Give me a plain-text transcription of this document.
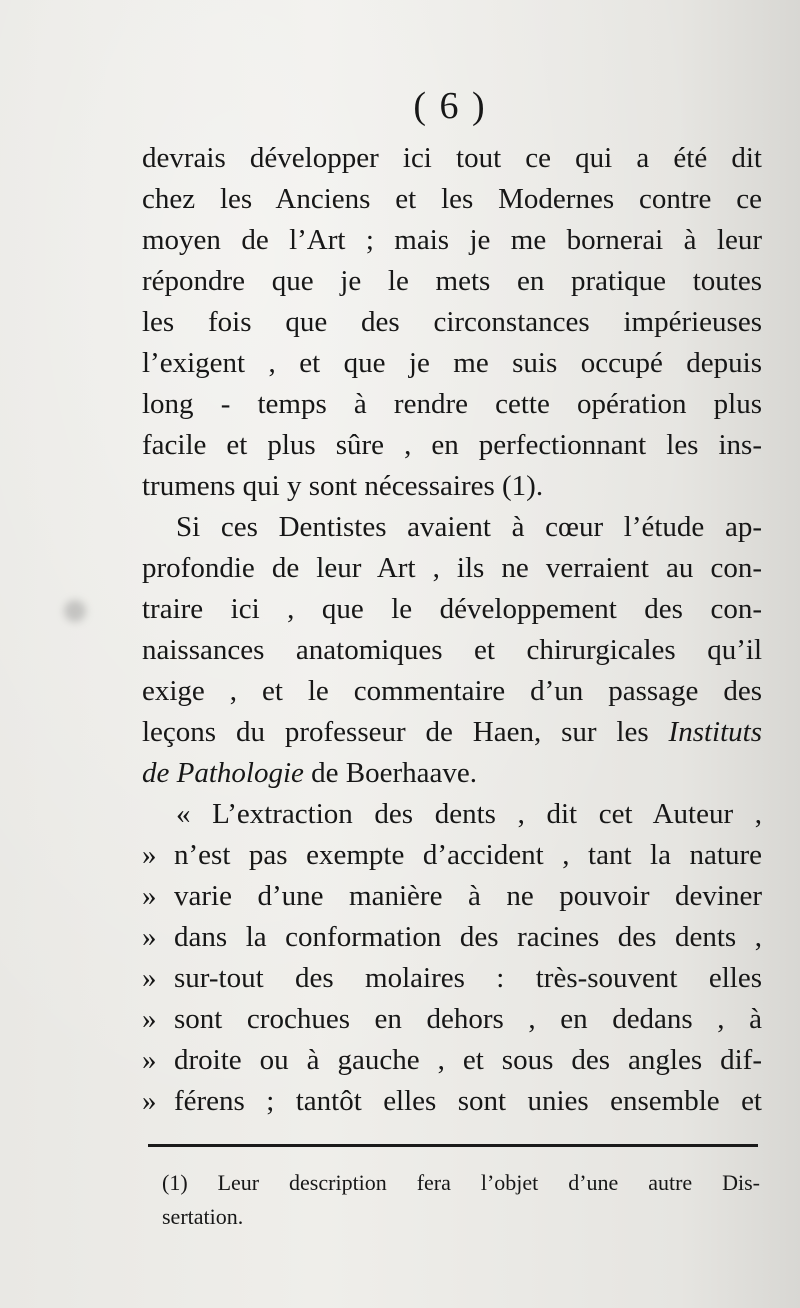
( 6 )
devrais développer ici tout ce qui a été dit
chez les Anciens et les Modernes contre ce
moyen de l’Art ; mais je me bornerai à leur
répondre que je le mets en pratique toutes
les fois que des circonstances impérieuses
l’exigent , et que je me suis occupé depuis
long - temps à rendre cette opération plus
facile et plus sûre , en perfectionnant les ins-
trumens qui y sont nécessaires (1).
Si ces Dentistes avaient à cœur l’étude ap-
profondie de leur Art , ils ne verraient au con-
traire ici , que le développement des con-
naissances anatomiques et chirurgicales qu’il
exige , et le commentaire d’un passage des
leçons du professeur de Haen, sur les Instituts
de Pathologie de Boerhaave.
« L’extraction des dents , dit cet Auteur ,
» n’est pas exempte d’accident , tant la nature
» varie d’une manière à ne pouvoir deviner
» dans la conformation des racines des dents ,
» sur-tout des molaires : très-souvent elles
» sont crochues en dehors , en dedans , à
» droite ou à gauche , et sous des angles dif-
» férens ; tantôt elles sont unies ensemble et
(1) Leur description fera l’objet d’une autre Dis-
sertation.
